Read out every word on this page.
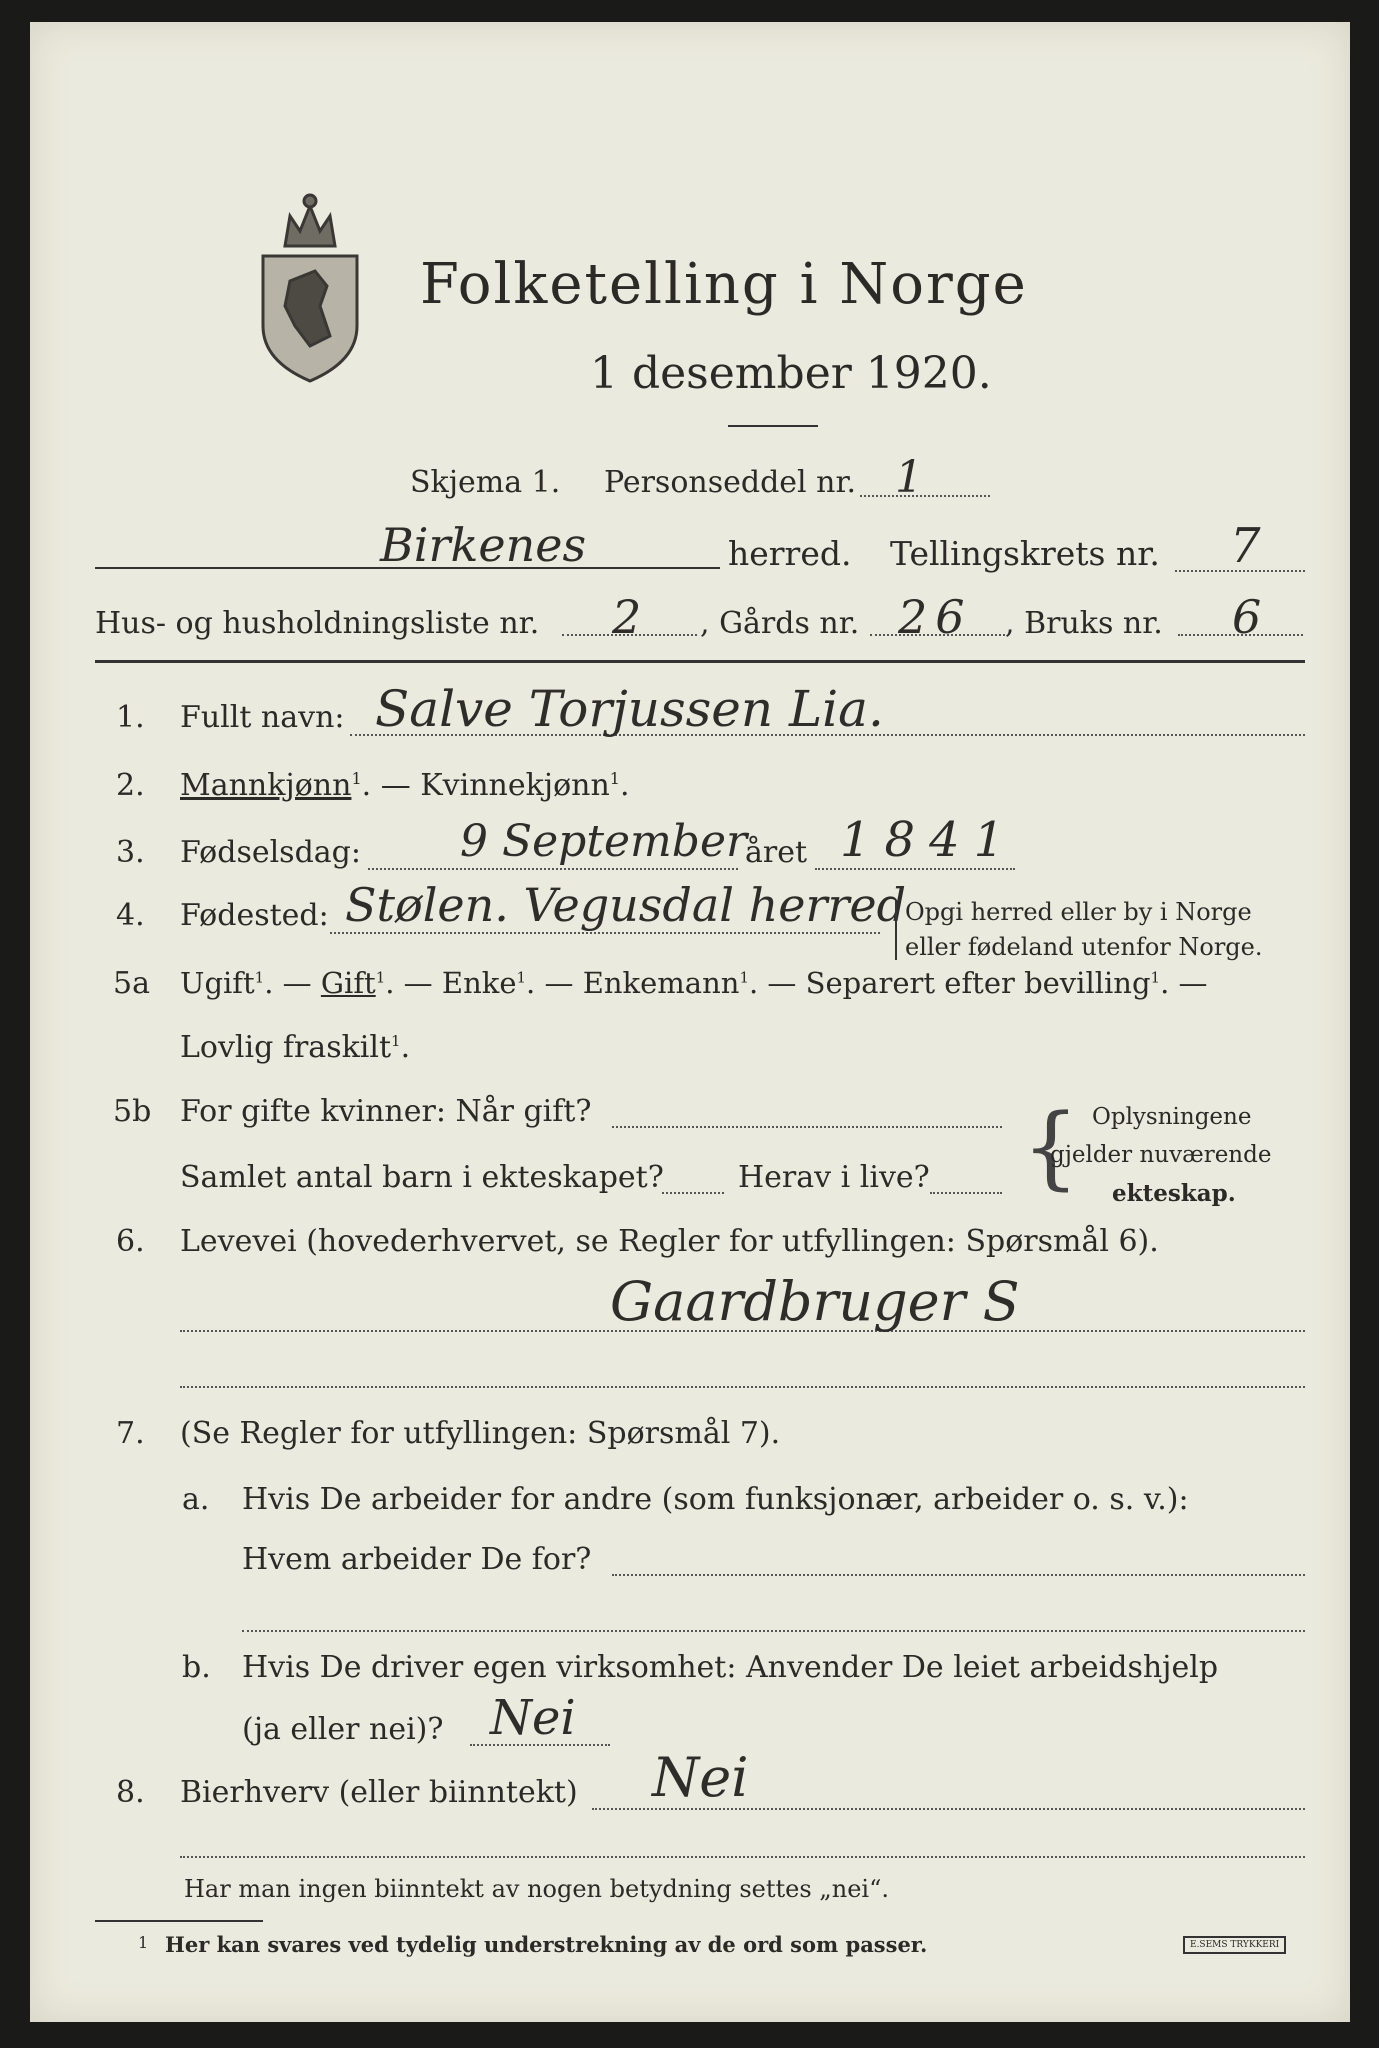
Folketelling i Norge
1 desember 1920.
Skjema 1. Personseddel nr. 1
Birkenes	herred. Tellingskrets nr. 7
Hus- og husholdningsliste nr. 2 , Gårds nr. 26 , Bruks nr. 6
1. Fullt navn: Salve Torjussen Lia.
2. Mannkjønn$^1$. — Kvinnekjønn$^1$.
3. Fødselsdag: 9 September
året 1841
4. Fødested: Stølen. Vegusdal herred
Opgi herred eller by i Norge
eller fødeland utenfor Norge.
5a Ugift$^1$. — Gift$^1$. — Enke$^1$. — Enkemann$^1$. — Separert efter bevilling$^1$. —
Lovlig fraskilt$^1$.
5b For gifte kvinner: Når gift?
Samlet antal barn i ekteskapet? Herav i live? { Oplysningene
gjelder nuværende
ekteskap.
6. Levevei (hovederhvervet, se Regler for utfyllingen: Spørsmål 6).
Gaardbruger S
7. (Se Regler for utfyllingen: Spørsmål 7).
a. Hvis De arbeider for andre (som funksjonær, arbeider o. s. v.):
Hvem arbeider De for?
b. Hvis De driver egen virksomhet: Anvender De leiet arbeidshjelp
(ja eller nei)? Nei
8. Bierhverv (eller biinntekt) Nei
Har man ingen biinntekt av nogen betydning settes „nei“.
1 Her kan svares ved tydelig understrekning av de ord som passer.	E.SEMS TRYKKERI
